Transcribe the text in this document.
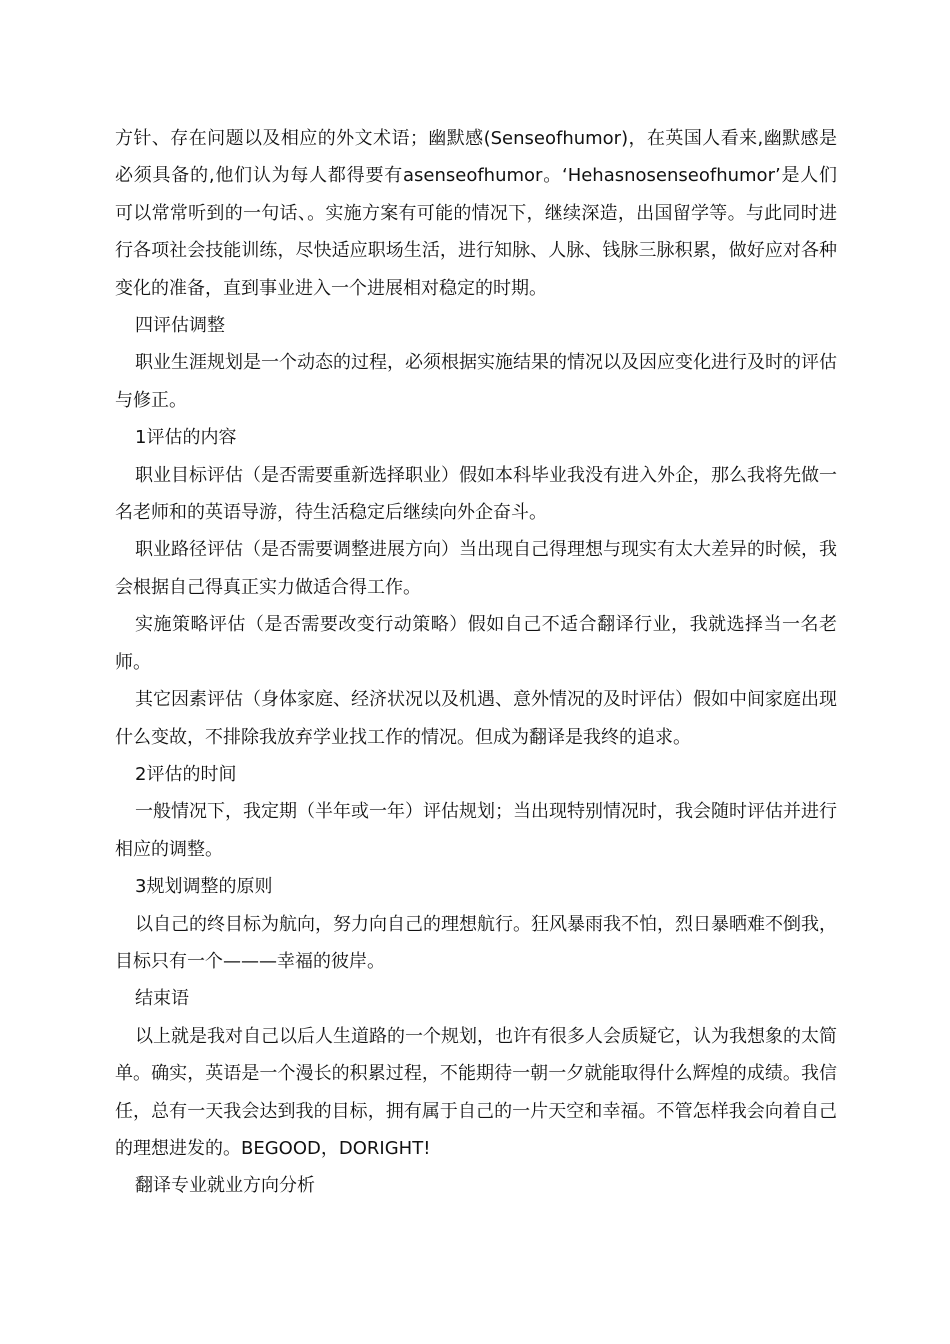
方针、存在问题以及相应的外文术语；幽默感(Senseofhumor)，在英国人看来,幽默感是必须具备的,他们认为每人都得要有asenseofhumor。‘Hehasnosenseofhumor’是人们可以常常听到的一句话、。实施方案有可能的情况下，继续深造，出国留学等。与此同时进行各项社会技能训练，尽快适应职场生活，进行知脉、人脉、钱脉三脉积累，做好应对各种变化的准备，直到事业进入一个进展相对稳定的时期。

四评估调整

职业生涯规划是一个动态的过程，必须根据实施结果的情况以及因应变化进行及时的评估与修正。

1评估的内容

职业目标评估（是否需要重新选择职业）假如本科毕业我没有进入外企，那么我将先做一名老师和的英语导游，待生活稳定后继续向外企奋斗。

职业路径评估（是否需要调整进展方向）当出现自己得理想与现实有太大差异的时候，我会根据自己得真正实力做适合得工作。

实施策略评估（是否需要改变行动策略）假如自己不适合翻译行业，我就选择当一名老师。

其它因素评估（身体家庭、经济状况以及机遇、意外情况的及时评估）假如中间家庭出现什么变故，不排除我放弃学业找工作的情况。但成为翻译是我终的追求。

2评估的时间

一般情况下，我定期（半年或一年）评估规划；当出现特别情况时，我会随时评估并进行相应的调整。

3规划调整的原则

以自己的终目标为航向，努力向自己的理想航行。狂风暴雨我不怕，烈日暴晒难不倒我，目标只有一个———幸福的彼岸。

结束语

以上就是我对自己以后人生道路的一个规划，也许有很多人会质疑它，认为我想象的太简单。确实，英语是一个漫长的积累过程，不能期待一朝一夕就能取得什么辉煌的成绩。我信任，总有一天我会达到我的目标，拥有属于自己的一片天空和幸福。不管怎样我会向着自己的理想进发的。BEGOOD，DORIGHT!

翻译专业就业方向分析
